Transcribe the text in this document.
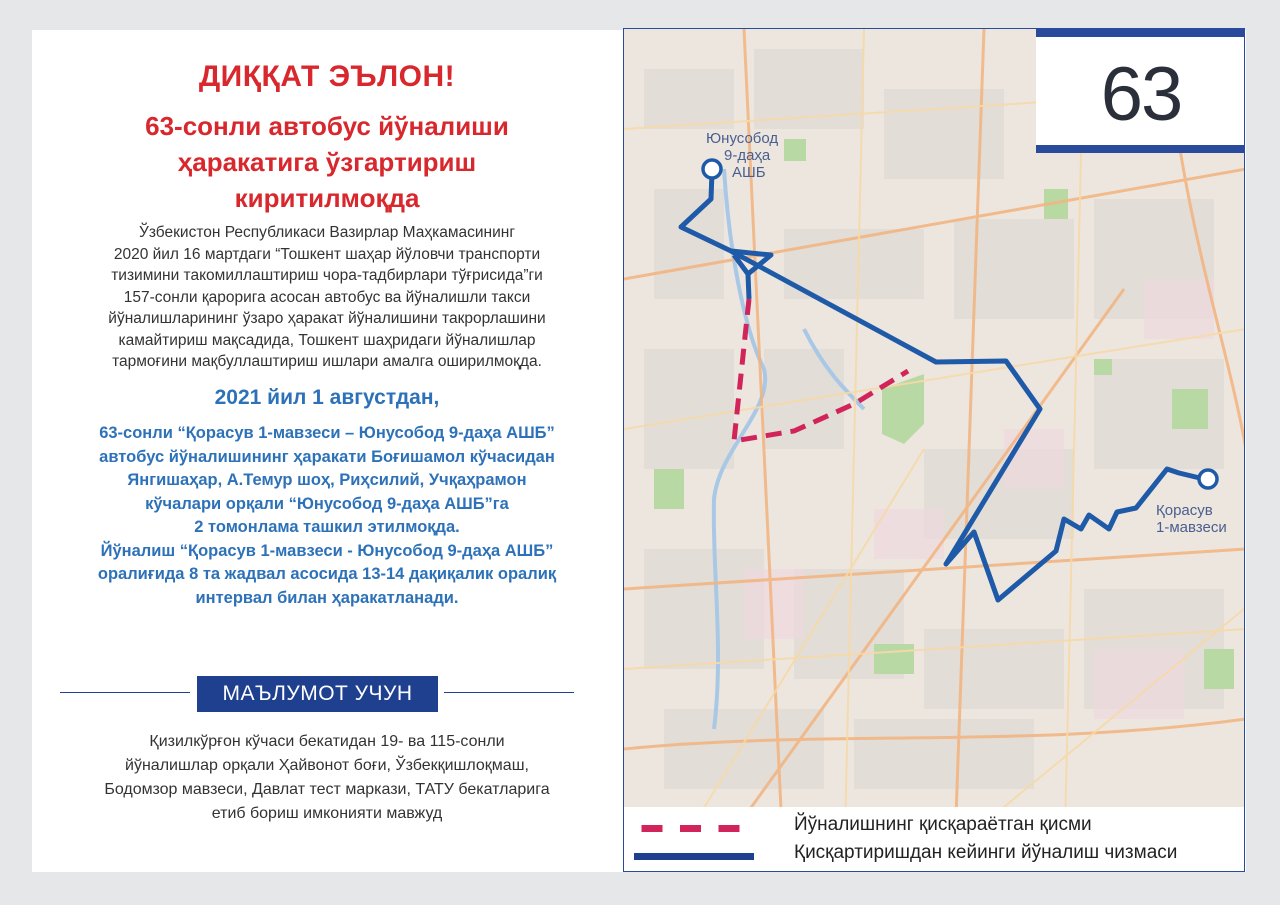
ДИҚҚАТ ЭЪЛОН!
63-сонли автобус йўналиши
ҳаракатига ўзгартириш
киритилмоқда
Ўзбекистон Республикаси Вазирлар Маҳкамасининг
2020 йил 16 мартдаги “Тошкент шаҳар йўловчи транспорти
тизимини такомиллаштириш чора-тадбирлари тўғрисида”ги
157-сонли қарорига асосан автобус ва йўналишли такси
йўналишларининг ўзаро ҳаракат йўналишини такрорлашини
камайтириш мақсадида, Тошкент шаҳридаги йўналишлар
тармоғини мақбуллаштириш ишлари амалга оширилмоқда.
2021 йил 1 августдан,
63-сонли “Қорасув 1-мавзеси – Юнусобод 9-даҳа АШБ”
автобус йўналишининг ҳаракати Боғишамол кўчасидан
Янгишаҳар, А.Темур шоҳ, Риҳсилий, Учқаҳрамон
кўчалари орқали “Юнусобод 9-даҳа АШБ”га
2 томонлама ташкил этилмоқда.
Йўналиш “Қорасув 1-мавзеси - Юнусобод 9-даҳа АШБ”
оралиғида 8 та жадвал асосида 13-14 дақиқалик оралиқ
интервал билан ҳаракатланади.
МАЪЛУМОТ УЧУН
Қизилкўрғон кўчаси бекатидан 19- ва 115-сонли
йўналишлар орқали Ҳайвонот боғи, Ўзбекқишлоқмаш,
Бодомзор мавзеси, Давлат тест маркази, ТАТУ бекатларига
етиб бориш имконияти мавжуд
Юнусобод
9-даҳа
АШБ
Қорасув
1-мавзеси
63
Йўналишнинг қисқараётган қисми
Қисқартиришдан кейинги йўналиш чизмаси
